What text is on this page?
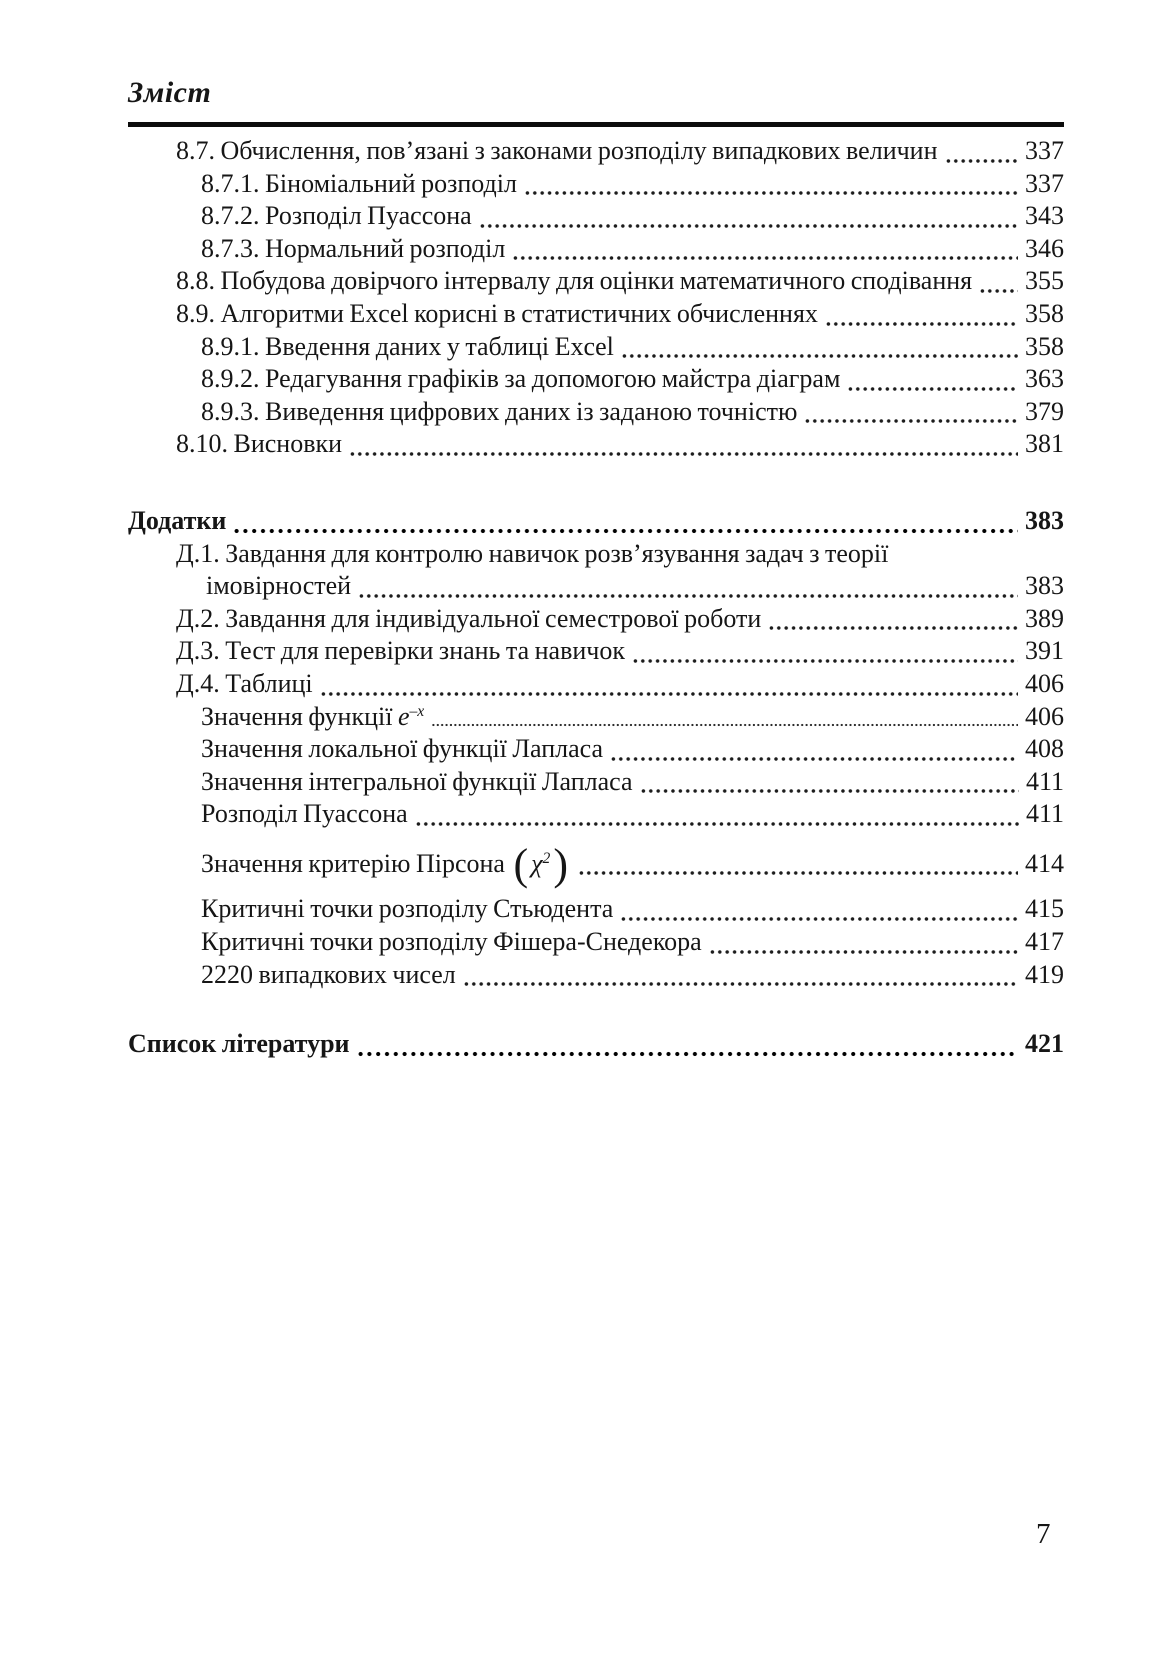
Зміст
8.7. Обчислення, пов’язані з законами розподілу випадкових величин	337
8.7.1. Біноміальний розподіл	337
8.7.2. Розподіл Пуассона	343
8.7.3. Нормальний розподіл	346
8.8. Побудова довірчого інтервалу для оцінки математичного сподівання 355
8.9. Алгоритми Excel корисні в статистичних обчисленнях	358
8.9.1. Введення даних у таблиці Excel	358
8.9.2. Редагування графіків за допомогою майстра діаграм	363
8.9.3. Виведення цифрових даних із заданою точністю	379
8.10. Висновки	381
Додатки	383
Д.1. Завдання для контролю навичок розв’язування задач з теорії
імовірностей	383
Д.2. Завдання для індивідуальної семестрової роботи	389
Д.3. Тест для перевірки знань та навичок	391
Д.4. Таблиці	406
Значення функції $e^{-x}$	406
Значення локальної функції Лапласа	408
Значення інтегральної функції Лапласа	411
Розподіл Пуассона	411
Значення критерію Пірсона ( $\chi^2$)	414
Критичні точки розподілу Стьюдента	415
Критичні точки розподілу Фішера-Снедекора	417
2220 випадкових чисел	419
Список літератури	421
7
